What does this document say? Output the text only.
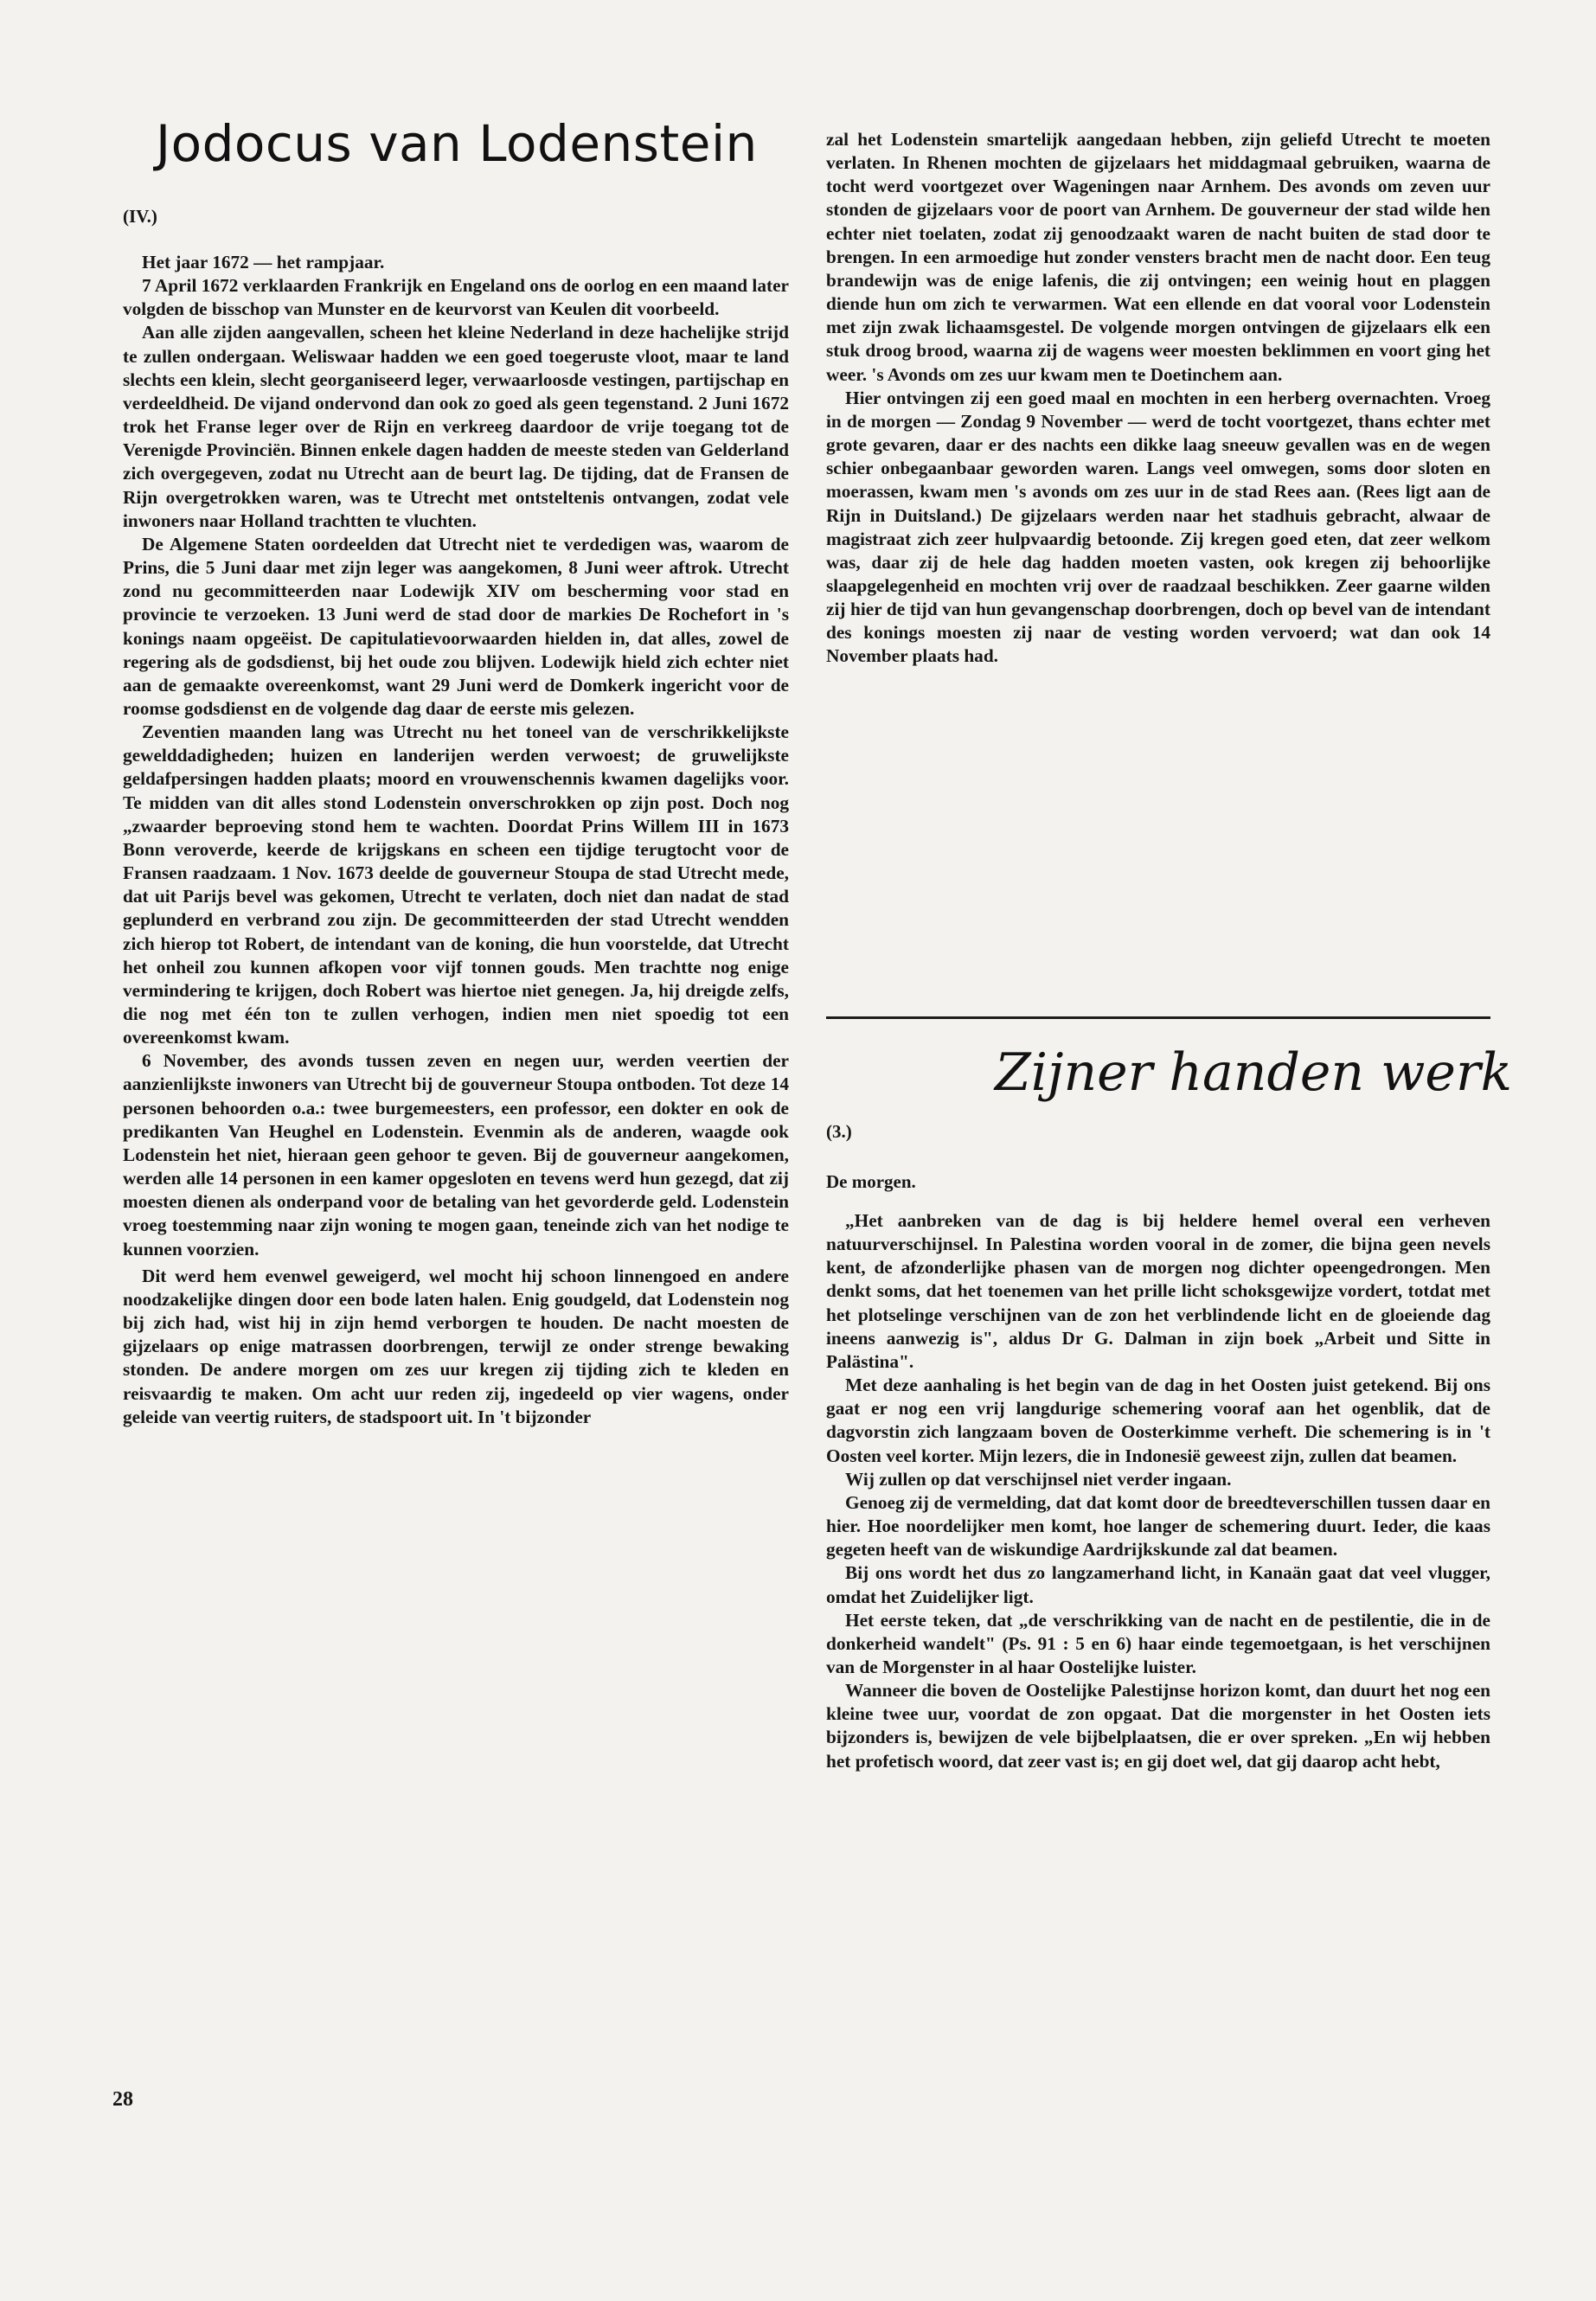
Jodocus van Lodenstein

(IV.)

Het jaar 1672 — het rampjaar.

7 April 1672 verklaarden Frankrijk en Engeland ons de oorlog en een maand later volgden de bisschop van Munster en de keurvorst van Keulen dit voorbeeld.

Aan alle zijden aangevallen, scheen het kleine Nederland in deze hachelijke strijd te zullen ondergaan. Weliswaar hadden we een goed toegeruste vloot, maar te land slechts een klein, slecht georganiseerd leger, verwaarloosde vestingen, partijschap en verdeeldheid. De vijand ondervond dan ook zo goed als geen tegenstand. 2 Juni 1672 trok het Franse leger over de Rijn en verkreeg daardoor de vrije toegang tot de Verenigde Provinciën. Binnen enkele dagen hadden de meeste steden van Gelderland zich overgegeven, zodat nu Utrecht aan de beurt lag. De tijding, dat de Fransen de Rijn overgetrokken waren, was te Utrecht met ontsteltenis ontvangen, zodat vele inwoners naar Holland trachtten te vluchten.

De Algemene Staten oordeelden dat Utrecht niet te verdedigen was, waarom de Prins, die 5 Juni daar met zijn leger was aangekomen, 8 Juni weer aftrok. Utrecht zond nu gecommitteerden naar Lodewijk XIV om bescherming voor stad en provincie te verzoeken. 13 Juni werd de stad door de markies De Rochefort in 's konings naam opgeëist. De capitulatievoorwaarden hielden in, dat alles, zowel de regering als de godsdienst, bij het oude zou blijven. Lodewijk hield zich echter niet aan de gemaakte overeenkomst, want 29 Juni werd de Domkerk ingericht voor de roomse godsdienst en de volgende dag daar de eerste mis gelezen.

Zeventien maanden lang was Utrecht nu het toneel van de verschrikkelijkste gewelddadigheden; huizen en landerijen werden verwoest; de gruwelijkste geldafpersingen hadden plaats; moord en vrouwenschennis kwamen dagelijks voor. Te midden van dit alles stond Lodenstein onverschrokken op zijn post. Doch nog „zwaarder beproeving stond hem te wachten. Doordat Prins Willem III in 1673 Bonn veroverde, keerde de krijgskans en scheen een tijdige terugtocht voor de Fransen raadzaam. 1 Nov. 1673 deelde de gouverneur Stoupa de stad Utrecht mede, dat uit Parijs bevel was gekomen, Utrecht te verlaten, doch niet dan nadat de stad geplunderd en verbrand zou zijn. De gecommitteerden der stad Utrecht wendden zich hierop tot Robert, de intendant van de koning, die hun voorstelde, dat Utrecht het onheil zou kunnen afkopen voor vijf tonnen gouds. Men trachtte nog enige vermindering te krijgen, doch Robert was hiertoe niet genegen. Ja, hij dreigde zelfs, die nog met één ton te zullen verhogen, indien men niet spoedig tot een overeenkomst kwam.

6 November, des avonds tussen zeven en negen uur, werden veertien der aanzienlijkste inwoners van Utrecht bij de gouverneur Stoupa ontboden. Tot deze 14 personen behoorden o.a.: twee burgemeesters, een professor, een dokter en ook de predikanten Van Heughel en Lodenstein. Evenmin als de anderen, waagde ook Lodenstein het niet, hieraan geen gehoor te geven. Bij de gouverneur aangekomen, werden alle 14 personen in een kamer opgesloten en tevens werd hun gezegd, dat zij moesten dienen als onderpand voor de betaling van het gevorderde geld. Lodenstein vroeg toestemming naar zijn woning te mogen gaan, teneinde zich van het nodige te kunnen voorzien.

Dit werd hem evenwel geweigerd, wel mocht hij schoon linnengoed en andere noodzakelijke dingen door een bode laten halen. Enig goudgeld, dat Lodenstein nog bij zich had, wist hij in zijn hemd verborgen te houden. De nacht moesten de gijzelaars op enige matrassen doorbrengen, terwijl ze onder strenge bewaking stonden. De andere morgen om zes uur kregen zij tijding zich te kleden en reisvaardig te maken. Om acht uur reden zij, ingedeeld op vier wagens, onder geleide van veertig ruiters, de stadspoort uit. In 't bijzonder

zal het Lodenstein smartelijk aangedaan hebben, zijn geliefd Utrecht te moeten verlaten. In Rhenen mochten de gijzelaars het middagmaal gebruiken, waarna de tocht werd voortgezet over Wageningen naar Arnhem. Des avonds om zeven uur stonden de gijzelaars voor de poort van Arnhem. De gouverneur der stad wilde hen echter niet toelaten, zodat zij genoodzaakt waren de nacht buiten de stad door te brengen. In een armoedige hut zonder vensters bracht men de nacht door. Een teug brandewijn was de enige lafenis, die zij ontvingen; een weinig hout en plaggen diende hun om zich te verwarmen. Wat een ellende en dat vooral voor Lodenstein met zijn zwak lichaamsgestel. De volgende morgen ontvingen de gijzelaars elk een stuk droog brood, waarna zij de wagens weer moesten beklimmen en voort ging het weer. 's Avonds om zes uur kwam men te Doetinchem aan.

Hier ontvingen zij een goed maal en mochten in een herberg overnachten. Vroeg in de morgen — Zondag 9 November — werd de tocht voortgezet, thans echter met grote gevaren, daar er des nachts een dikke laag sneeuw gevallen was en de wegen schier onbegaanbaar geworden waren. Langs veel omwegen, soms door sloten en moerassen, kwam men 's avonds om zes uur in de stad Rees aan. (Rees ligt aan de Rijn in Duitsland.) De gijzelaars werden naar het stadhuis gebracht, alwaar de magistraat zich zeer hulpvaardig betoonde. Zij kregen goed eten, dat zeer welkom was, daar zij de hele dag hadden moeten vasten, ook kregen zij behoorlijke slaapgelegenheid en mochten vrij over de raadzaal beschikken. Zeer gaarne wilden zij hier de tijd van hun gevangenschap doorbrengen, doch op bevel van de intendant des konings moesten zij naar de vesting worden vervoerd; wat dan ook 14 November plaats had.

Zijner handen werk

(3.)

De morgen.

„Het aanbreken van de dag is bij heldere hemel overal een verheven natuurverschijnsel. In Palestina worden vooral in de zomer, die bijna geen nevels kent, de afzonderlijke phasen van de morgen nog dichter opeengedrongen. Men denkt soms, dat het toenemen van het prille licht schoksgewijze vordert, totdat met het plotselinge verschijnen van de zon het verblindende licht en de gloeiende dag ineens aanwezig is", aldus Dr G. Dalman in zijn boek „Arbeit und Sitte in Palästina".

Met deze aanhaling is het begin van de dag in het Oosten juist getekend. Bij ons gaat er nog een vrij langdurige schemering vooraf aan het ogenblik, dat de dagvorstin zich langzaam boven de Oosterkimme verheft. Die schemering is in 't Oosten veel korter. Mijn lezers, die in Indonesië geweest zijn, zullen dat beamen.

Wij zullen op dat verschijnsel niet verder ingaan.

Genoeg zij de vermelding, dat dat komt door de breedteverschillen tussen daar en hier. Hoe noordelijker men komt, hoe langer de schemering duurt. Ieder, die kaas gegeten heeft van de wiskundige Aardrijkskunde zal dat beamen.

Bij ons wordt het dus zo langzamerhand licht, in Kanaän gaat dat veel vlugger, omdat het Zuidelijker ligt.

Het eerste teken, dat „de verschrikking van de nacht en de pestilentie, die in de donkerheid wandelt" (Ps. 91 : 5 en 6) haar einde tegemoetgaan, is het verschijnen van de Morgenster in al haar Oostelijke luister.

Wanneer die boven de Oostelijke Palestijnse horizon komt, dan duurt het nog een kleine twee uur, voordat de zon opgaat. Dat die morgenster in het Oosten iets bijzonders is, bewijzen de vele bijbelplaatsen, die er over spreken. „En wij hebben het profetisch woord, dat zeer vast is; en gij doet wel, dat gij daarop acht hebt,

28
